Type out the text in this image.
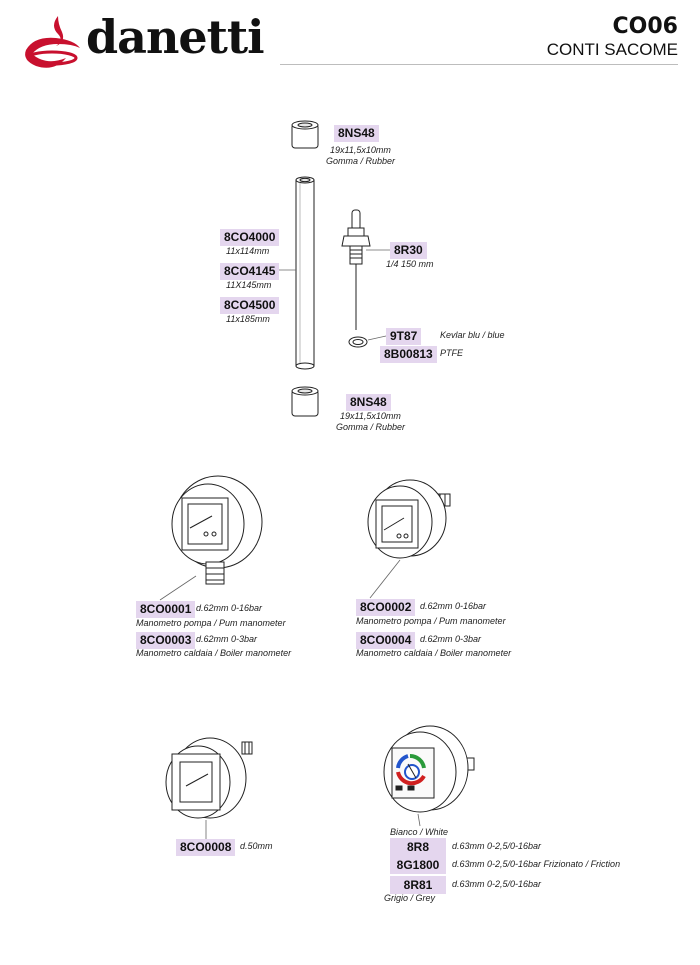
danetti	CO06
CONTI SACOME
8NS48
19x11,5x10mm
Gomma / Rubber
8CO4000
11x114mm
8CO4145
11X145mm
8CO4500
11x185mm
8R30
1/4 150 mm
9T87	Kevlar blu / blue
8B00813 PTFE
8NS48
19x11,5x10mm
Gomma / Rubber
8CO0001 d.62mm 0-16bar
Manometro pompa / Pum manometer
8CO0003 d.62mm 0-3bar
Manometro caldaia / Boiler manometer
8CO0002 d.62mm 0-16bar
Manometro pompa / Pum manometer
8CO0004 d.62mm 0-3bar
Manometro caldaia / Boiler manometer
8CO0008 d.50mm
Bianco / White
8R8	d.63mm 0-2,5/0-16bar
8G1800	d.63mm 0-2,5/0-16bar Frizionato / Friction
8R81	d.63mm 0-2,5/0-16bar
Grigio / Grey
